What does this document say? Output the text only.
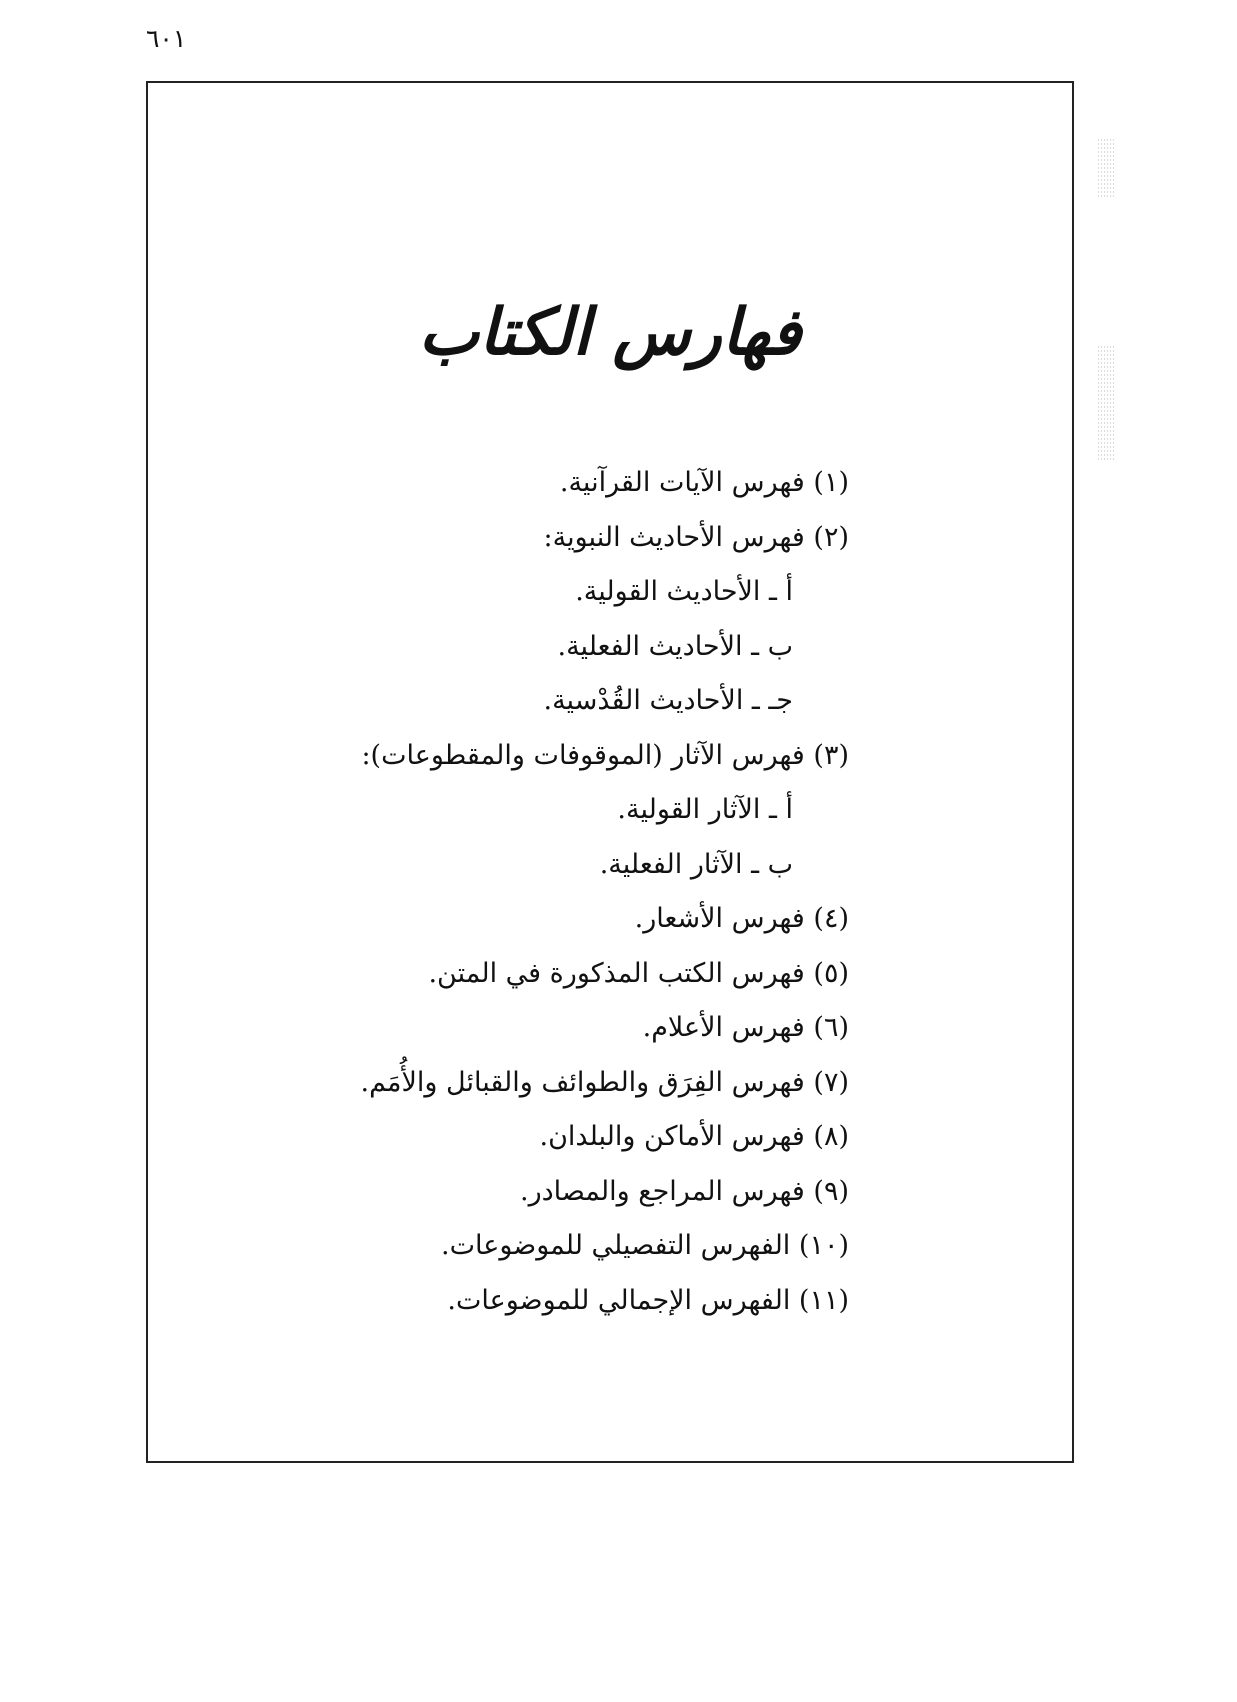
٦٠١
فهارس الكتاب
(١) فهرس الآيات القرآنية.
(٢) فهرس الأحاديث النبوية:
أ ـ الأحاديث القولية.
ب ـ الأحاديث الفعلية.
جـ ـ الأحاديث القُدْسية.
(٣) فهرس الآثار (الموقوفات والمقطوعات):
أ ـ الآثار القولية.
ب ـ الآثار الفعلية.
(٤) فهرس الأشعار.
(٥) فهرس الكتب المذكورة في المتن.
(٦) فهرس الأعلام.
(٧) فهرس الفِرَق والطوائف والقبائل والأُمَم.
(٨) فهرس الأماكن والبلدان.
(٩) فهرس المراجع والمصادر.
(١٠) الفهرس التفصيلي للموضوعات.
(١١) الفهرس الإجمالي للموضوعات.
